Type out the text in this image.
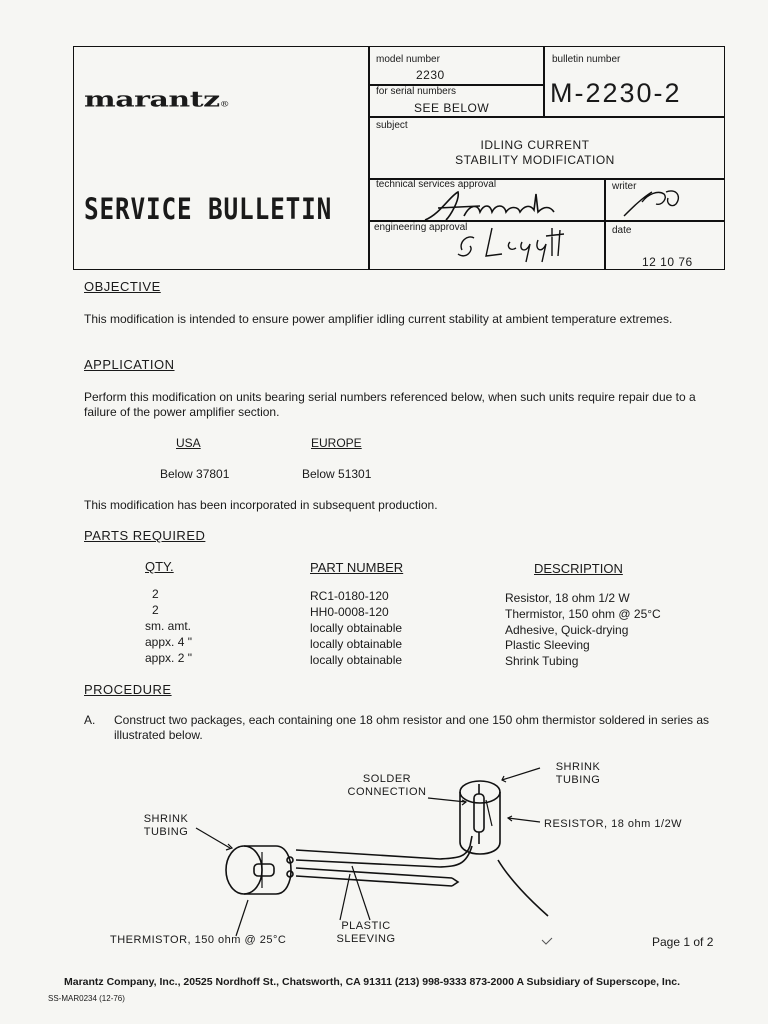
marantz®
SERVICE BULLETIN
model number
2230
for serial numbers
SEE BELOW
bulletin number
M-2230-2
subject
IDLING CURRENT
STABILITY MODIFICATION
technical services approval	writer
engineering approval	date
12 10 76
OBJECTIVE
This modification is intended to ensure power amplifier idling current stability at ambient temperature extremes.
APPLICATION
Perform this modification on units bearing serial numbers referenced below, when such units require repair due to a failure of the power amplifier section.
USA	EUROPE
Below 37801	Below 51301
This modification has been incorporated in subsequent production.
PARTS REQUIRED
QTY.	PART NUMBER	DESCRIPTION
2	RC1-0180-120	Resistor, 18 ohm 1/2 W
2	HH0-0008-120	Thermistor, 150 ohm @ 25°C
sm. amt.	locally obtainable	Adhesive, Quick-drying
appx. 4 "	locally obtainable	Plastic Sleeving
appx. 2 "	locally obtainable	Shrink Tubing
PROCEDURE
A. Construct two packages, each containing one 18 ohm resistor and one 150 ohm thermistor soldered in series as illustrated below.
SHRINK
TUBING
SOLDER
CONNECTION
SHRINK
TUBING
RESISTOR, 18 ohm 1/2W
THERMISTOR, 150 ohm @ 25°C
PLASTIC
SLEEVING	Page 1 of 2
Marantz Company, Inc., 20525 Nordhoff St., Chatsworth, CA 91311 (213) 998-9333 873-2000 A Subsidiary of Superscope, Inc.
SS-MAR0234 (12-76)
